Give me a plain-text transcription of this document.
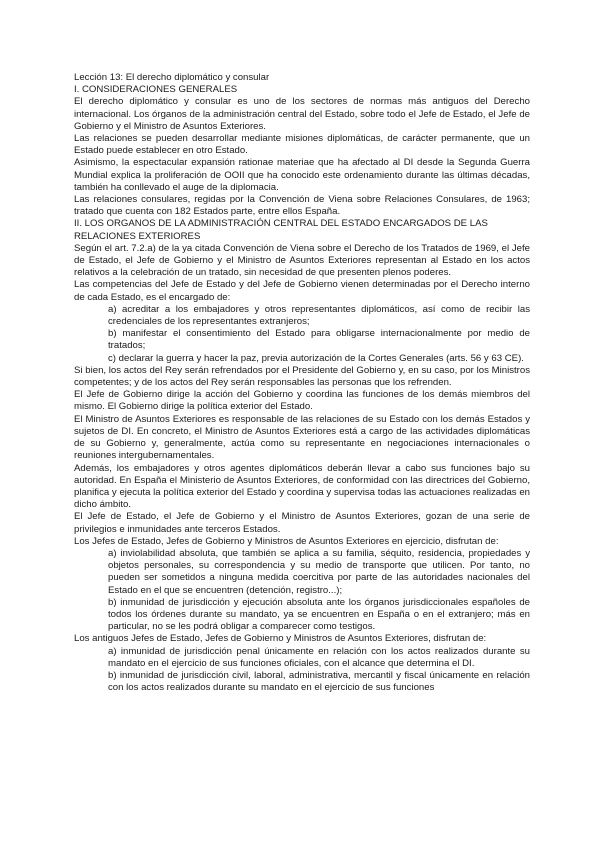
Lección 13: El derecho diplomático y consular

I. CONSIDERACIONES GENERALES

El derecho diplomático y consular es uno de los sectores de normas más antiguos del Derecho internacional. Los órganos de la administración central del Estado, sobre todo el Jefe de Estado, el Jefe de Gobierno y el Ministro de Asuntos Exteriores.

Las relaciones se pueden desarrollar mediante misiones diplomáticas, de carácter permanente, que un Estado puede establecer en otro Estado.

Asimismo, la espectacular expansión rationae materiae que ha afectado al DI desde la Segunda Guerra Mundial explica la proliferación de OOII que ha conocido este ordenamiento durante las últimas décadas, también ha conllevado el auge de la diplomacia.

Las relaciones consulares, regidas por la Convención de Viena sobre Relaciones Consulares, de 1963; tratado que cuenta con 182 Estados parte, entre ellos España.

II. LOS ORGANOS DE LA ADMINISTRACIÓN CENTRAL DEL ESTADO ENCARGADOS DE LAS RELACIONES EXTERIORES

Según el art. 7.2.a) de la ya citada Convención de Viena sobre el Derecho de los Tratados de 1969, el Jefe de Estado, el Jefe de Gobierno y el Ministro de Asuntos Exteriores representan al Estado en los actos relativos a la celebración de un tratado, sin necesidad de que presenten plenos poderes.

Las competencias del Jefe de Estado y del Jefe de Gobierno vienen determinadas por el Derecho interno de cada Estado, es el encargado de:

a) acreditar a los embajadores y otros representantes diplomáticos, así como de recibir las credenciales de los representantes extranjeros;

b) manifestar el consentimiento del Estado para obligarse internacionalmente por medio de tratados;

c) declarar la guerra y hacer la paz, previa autorización de la Cortes Generales (arts. 56 y 63 CE).

Si bien, los actos del Rey serán refrendados por el Presidente del Gobierno y, en su caso, por los Ministros competentes; y de los actos del Rey serán responsables las personas que los refrenden.

El Jefe de Gobierno dirige la acción del Gobierno y coordina las funciones de los demás miembros del mismo. El Gobierno dirige la política exterior del Estado.

El Ministro de Asuntos Exteriores es responsable de las relaciones de su Estado con los demás Estados y sujetos de DI. En concreto, el Ministro de Asuntos Exteriores está a cargo de las actividades diplomáticas de su Gobierno y, generalmente, actúa como su representante en negociaciones internacionales o reuniones intergubernamentales.

Además, los embajadores y otros agentes diplomáticos deberán llevar a cabo sus funciones bajo su autoridad. En España el Ministerio de Asuntos Exteriores, de conformidad con las directrices del Gobierno, planifica y ejecuta la política exterior del Estado y coordina y supervisa todas las actuaciones realizadas en dicho ámbito.

El Jefe de Estado, el Jefe de Gobierno y el Ministro de Asuntos Exteriores, gozan de una serie de privilegios e inmunidades ante terceros Estados.

Los Jefes de Estado, Jefes de Gobierno y Ministros de Asuntos Exteriores en ejercicio, disfrutan de:

a) inviolabilidad absoluta, que también se aplica a su familia, séquito, residencia, propiedades y objetos personales, su correspondencia y su medio de transporte que utilicen. Por tanto, no pueden ser sometidos a ninguna medida coercitiva por parte de las autoridades nacionales del Estado en el que se encuentren (detención, registro...);

b) inmunidad de jurisdicción y ejecución absoluta ante los órganos jurisdiccionales españoles de todos los órdenes durante su mandato, ya se encuentren en España o en el extranjero; más en particular, no se les podrá obligar a comparecer como testigos.

Los antiguos Jefes de Estado, Jefes de Gobierno y Ministros de Asuntos Exteriores, disfrutan de:

a) inmunidad de jurisdicción penal únicamente en relación con los actos realizados durante su mandato en el ejercicio de sus funciones oficiales, con el alcance que determina el DI.

b) inmunidad de jurisdicción civil, laboral, administrativa, mercantil y fiscal únicamente en relación con los actos realizados durante su mandato en el ejercicio de sus funciones
